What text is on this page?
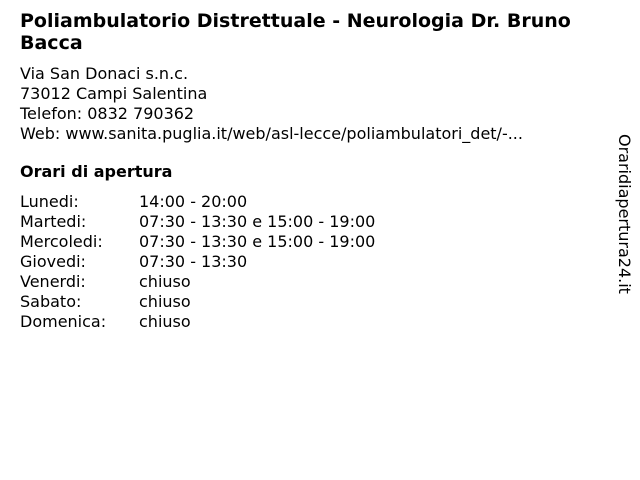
Poliambulatorio Distrettuale - Neurologia Dr. Bruno Bacca
Via San Donaci s.n.c.
73012 Campi Salentina
Telefon: 0832 790362
Web: www.sanita.puglia.it/web/asl-lecce/poliambulatori_det/-...
Orari di apertura
Lunedi:	14:00 - 20:00
Martedi:	07:30 - 13:30 e 15:00 - 19:00
Mercoledi: 07:30 - 13:30 e 15:00 - 19:00
Giovedi:	07:30 - 13:30
Venerdi:	chiuso
Sabato:	chiuso
Domenica: chiuso
Oraridiapertura24.it
